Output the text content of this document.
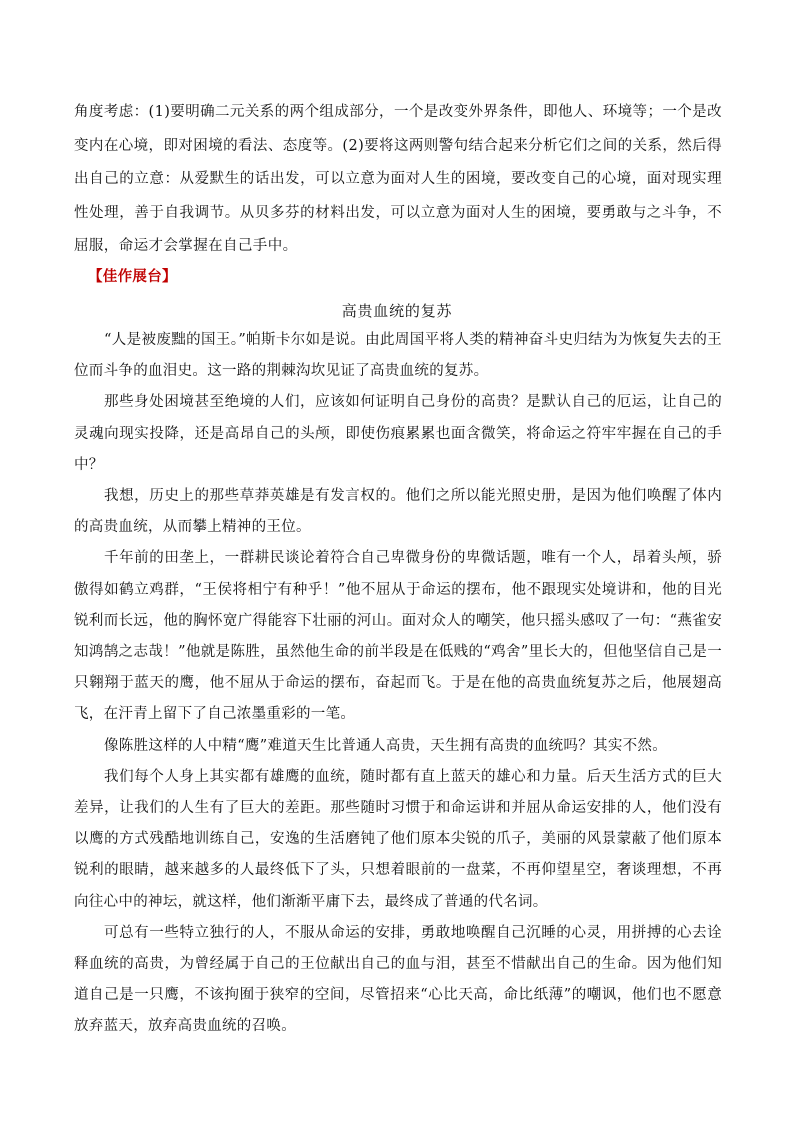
角度考虑：(1)要明确二元关系的两个组成部分，一个是改变外界条件，即他人、环境等；一个是改变内在心境，即对困境的看法、态度等。(2)要将这两则警句结合起来分析它们之间的关系，然后得出自己的立意：从爱默生的话出发，可以立意为面对人生的困境，要改变自己的心境，面对现实理性处理，善于自我调节。从贝多芬的材料出发，可以立意为面对人生的困境，要勇敢与之斗争，不屈服，命运才会掌握在自己手中。
【佳作展台】
高贵血统的复苏

“人是被废黜的国王。”帕斯卡尔如是说。由此周国平将人类的精神奋斗史归结为为恢复失去的王位而斗争的血泪史。这一路的荆棘沟坎见证了高贵血统的复苏。

那些身处困境甚至绝境的人们，应该如何证明自己身份的高贵？是默认自己的厄运，让自己的灵魂向现实投降，还是高昂自己的头颅，即使伤痕累累也面含微笑，将命运之符牢牢握在自己的手中？

我想，历史上的那些草莽英雄是有发言权的。他们之所以能光照史册，是因为他们唤醒了体内的高贵血统，从而攀上精神的王位。

千年前的田垄上，一群耕民谈论着符合自己卑微身份的卑微话题，唯有一个人，昂着头颅，骄傲得如鹤立鸡群，“王侯将相宁有种乎！”他不屈从于命运的摆布，他不跟现实处境讲和，他的目光锐利而长远，他的胸怀宽广得能容下壮丽的河山。面对众人的嘲笑，他只摇头感叹了一句：“燕雀安知鸿鹄之志哉！”他就是陈胜，虽然他生命的前半段是在低贱的“鸡舍”里长大的，但他坚信自己是一只翱翔于蓝天的鹰，他不屈从于命运的摆布，奋起而飞。于是在他的高贵血统复苏之后，他展翅高飞，在汗青上留下了自己浓墨重彩的一笔。

像陈胜这样的人中精“鹰”难道天生比普通人高贵，天生拥有高贵的血统吗？其实不然。

我们每个人身上其实都有雄鹰的血统，随时都有直上蓝天的雄心和力量。后天生活方式的巨大差异，让我们的人生有了巨大的差距。那些随时习惯于和命运讲和并屈从命运安排的人，他们没有以鹰的方式残酷地训练自己，安逸的生活磨钝了他们原本尖锐的爪子，美丽的风景蒙蔽了他们原本锐利的眼睛，越来越多的人最终低下了头，只想着眼前的一盘菜，不再仰望星空，奢谈理想，不再向往心中的神坛，就这样，他们渐渐平庸下去，最终成了普通的代名词。

可总有一些特立独行的人，不服从命运的安排，勇敢地唤醒自己沉睡的心灵，用拼搏的心去诠释血统的高贵，为曾经属于自己的王位献出自己的血与泪，甚至不惜献出自己的生命。因为他们知道自己是一只鹰，不该拘囿于狭窄的空间，尽管招来“心比天高，命比纸薄”的嘲讽，他们也不愿意放弃蓝天，放弃高贵血统的召唤。
